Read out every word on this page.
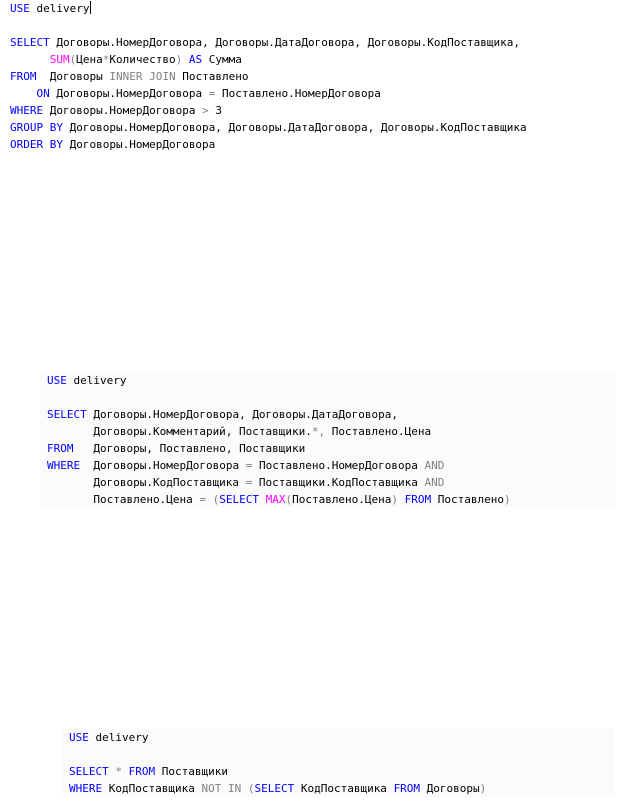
USE delivery
SELECT Договоры.НомерДоговора, Договоры.ДатаДоговора, Договоры.КодПоставщика,
SUM(Цена*Количество) AS Сумма
FROM  Договоры INNER JOIN Поставлено
ON Договоры.НомерДоговора = Поставлено.НомерДоговора
WHERE Договоры.НомерДоговора > 3
GROUP BY Договоры.НомерДоговора, Договоры.ДатаДоговора, Договоры.КодПоставщика
ORDER BY Договоры.НомерДоговора
USE delivery
SELECT Договоры.НомерДоговора, Договоры.ДатаДоговора,
Договоры.Комментарий, Поставщики.*, Поставлено.Цена
FROM   Договоры, Поставлено, Поставщики
WHERE  Договоры.НомерДоговора = Поставлено.НомерДоговора AND
Договоры.КодПоставщика = Поставщики.КодПоставщика AND
Поставлено.Цена = (SELECT MAX(Поставлено.Цена) FROM Поставлено)
USE delivery
SELECT * FROM Поставщики
WHERE КодПоставщика NOT IN (SELECT КодПоставщика FROM Договоры)
